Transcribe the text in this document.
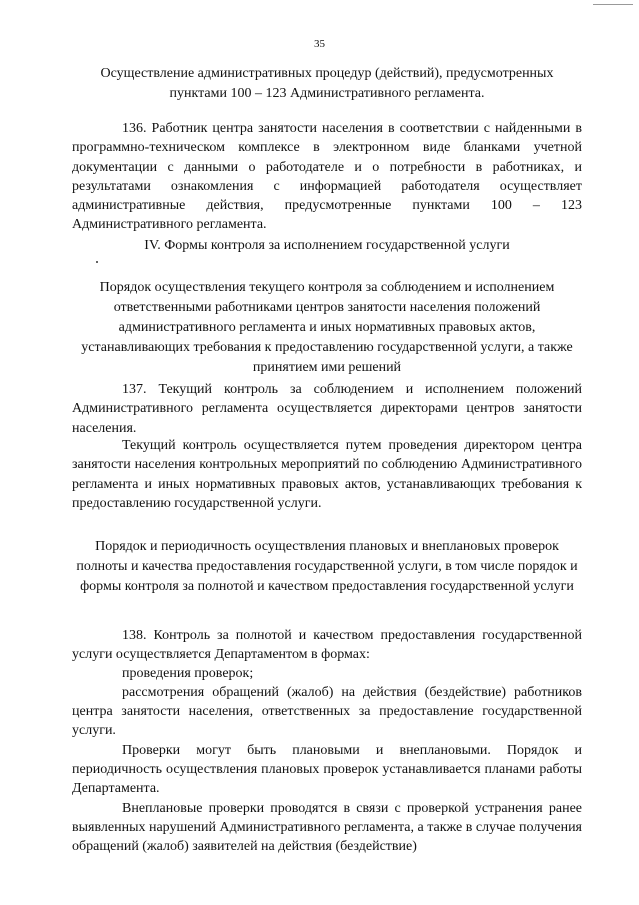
35
Осуществление административных процедур (действий), предусмотренных пунктами 100 – 123 Административного регламента.

136. Работник центра занятости населения в соответствии с найденными в программно-техническом комплексе в электронном виде бланками учетной документации с данными о работодателе и о потребности в работниках, и результатами ознакомления с информацией работодателя осуществляет административные действия, предусмотренные пунктами 100 – 123 Административного регламента.

IV. Формы контроля за исполнением государственной услуги
Порядок осуществления текущего контроля за соблюдением и исполнением ответственными работниками центров занятости населения положений административного регламента и иных нормативных правовых актов, устанавливающих требования к предоставлению государственной услуги, а также принятием ими решений

137. Текущий контроль за соблюдением и исполнением положений Административного регламента осуществляется директорами центров занятости населения.

Текущий контроль осуществляется путем проведения директором центра занятости населения контрольных мероприятий по соблюдению Административного регламента и иных нормативных правовых актов, устанавливающих требования к предоставлению государственной услуги.

Порядок и периодичность осуществления плановых и внеплановых проверок полноты и качества предоставления государственной услуги, в том числе порядок и формы контроля за полнотой и качеством предоставления государственной услуги

138. Контроль за полнотой и качеством предоставления государственной услуги осуществляется Департаментом в формах:

проведения проверок;

рассмотрения обращений (жалоб) на действия (бездействие) работников центра занятости населения, ответственных за предоставление государственной услуги.

Проверки могут быть плановыми и внеплановыми. Порядок и периодичность осуществления плановых проверок устанавливается планами работы Департамента.

Внеплановые проверки проводятся в связи с проверкой устранения ранее выявленных нарушений Административного регламента, а также в случае получения обращений (жалоб) заявителей на действия (бездействие)
